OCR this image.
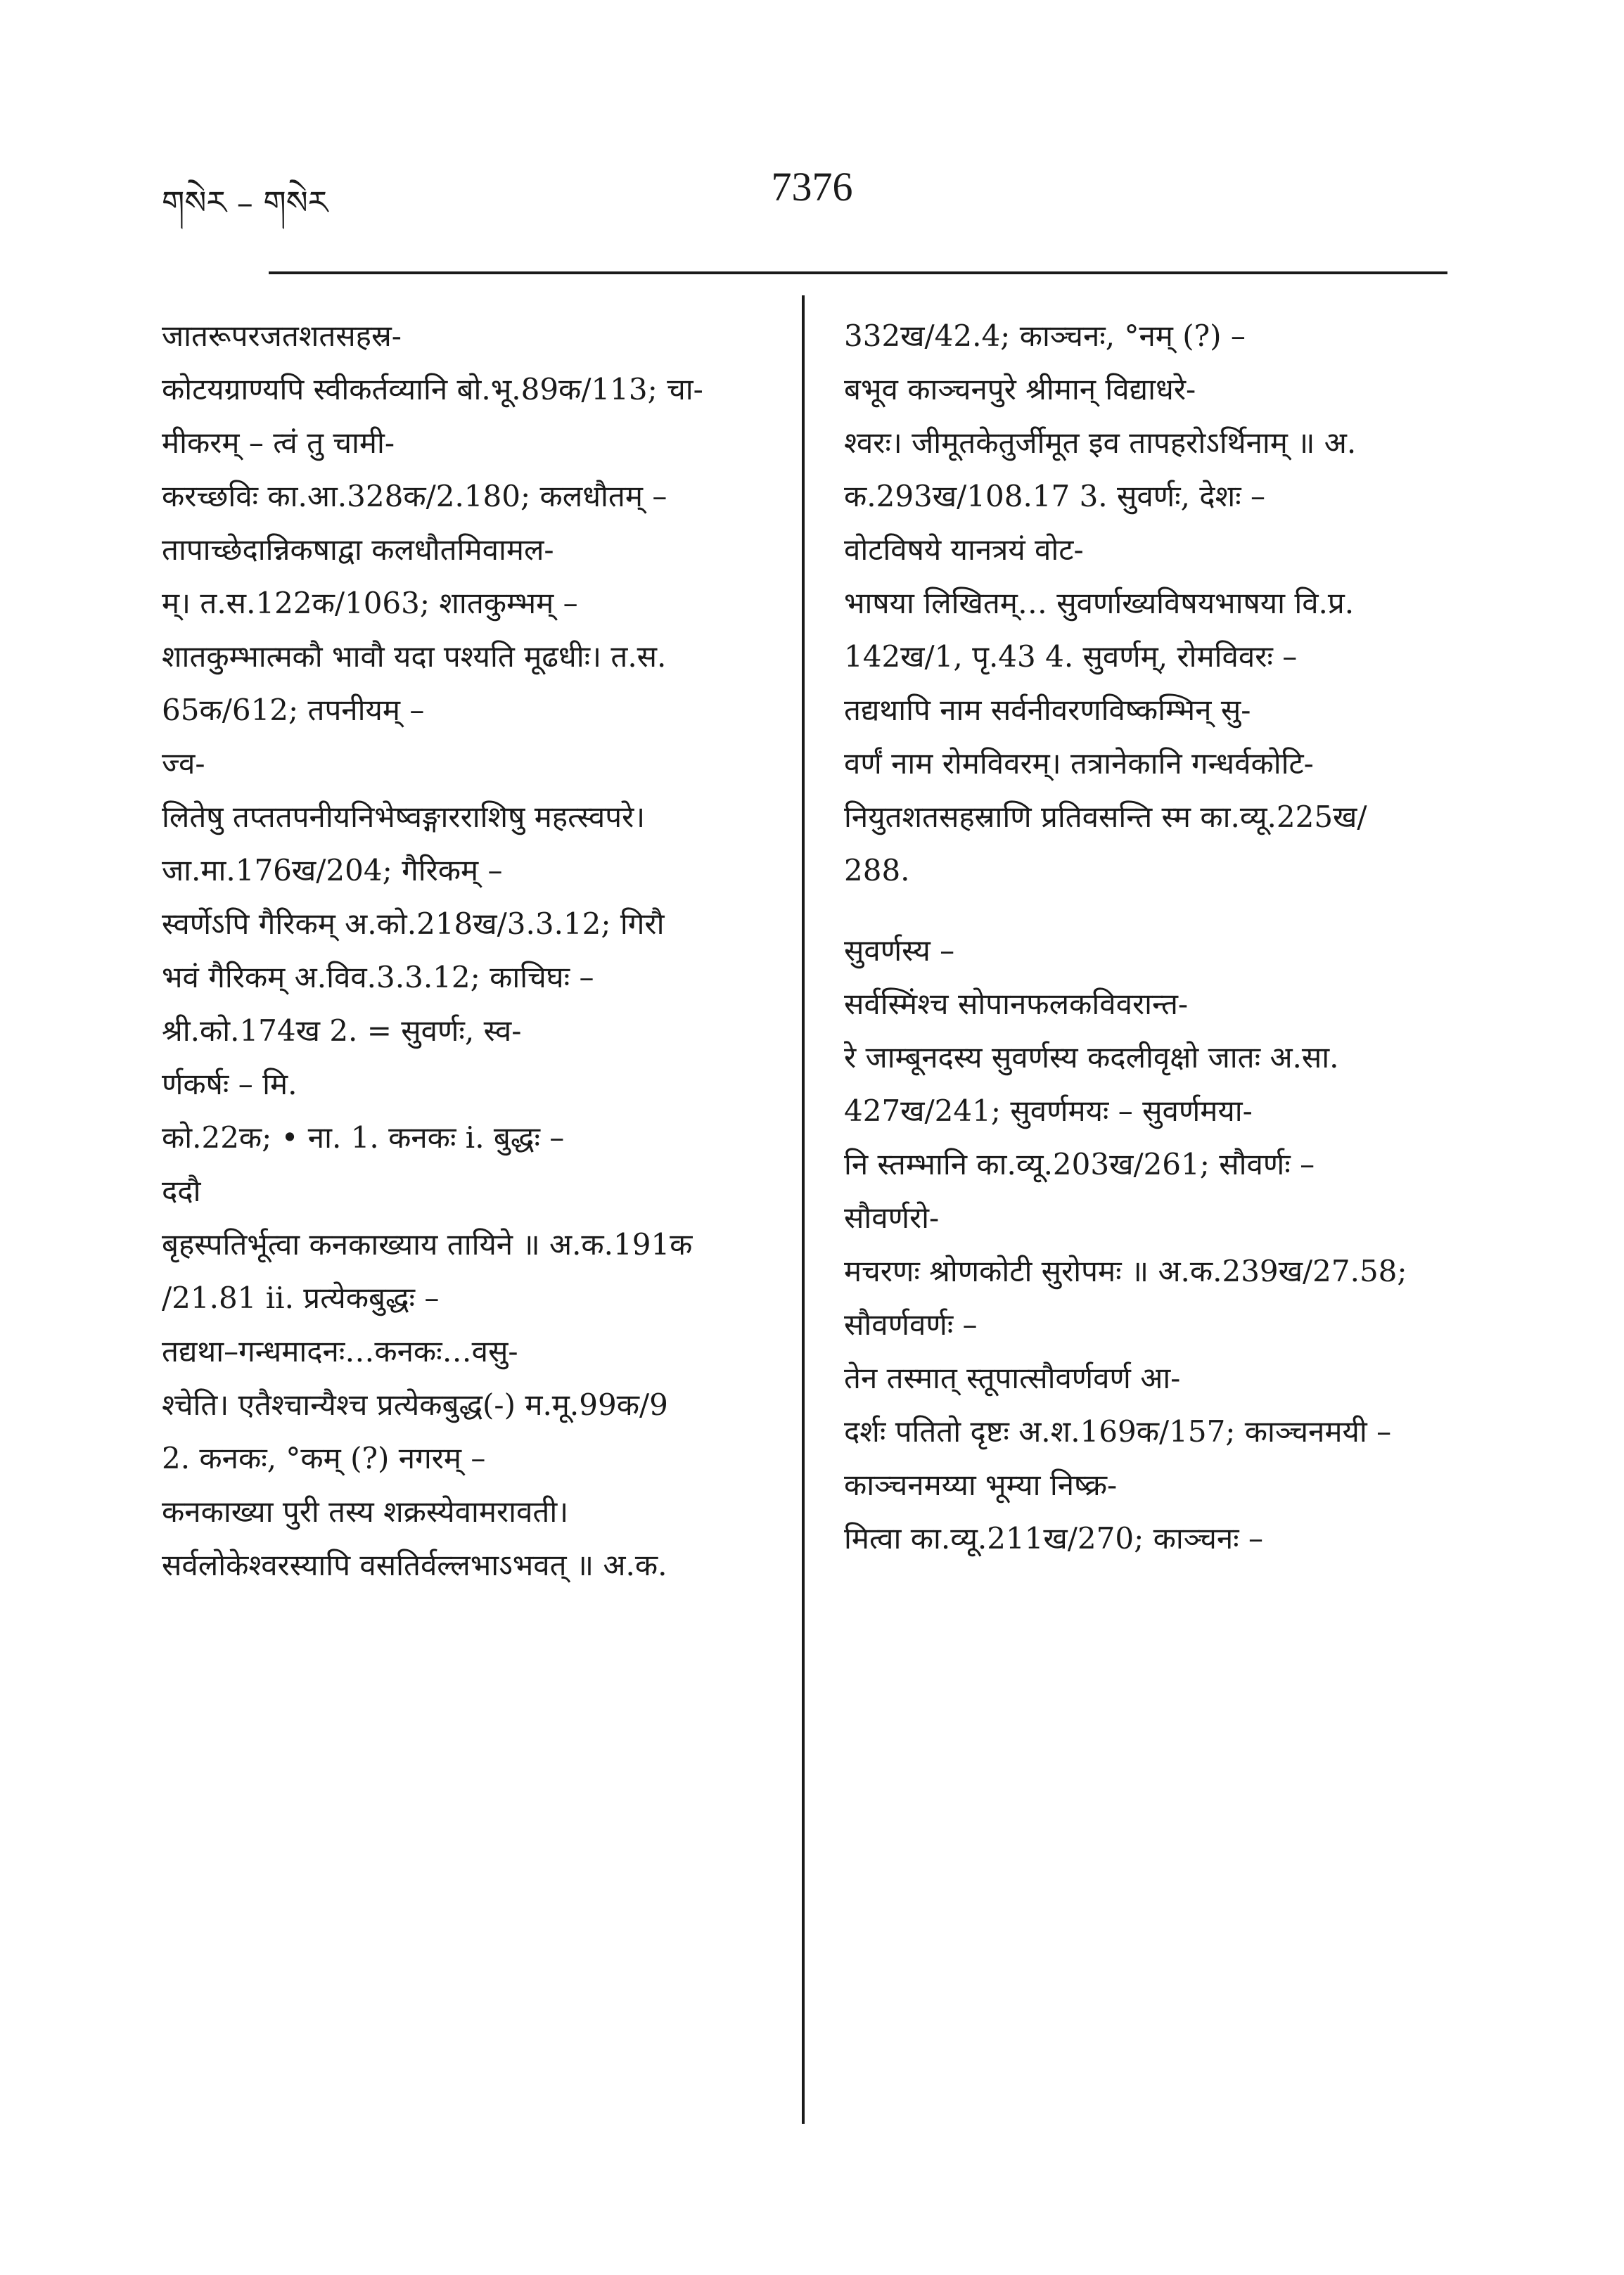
གསེར – གསེར	7376
जातरूपरजतशतसहस्र-
कोटयग्राण्यपि स्वीकर्तव्यानि बो.भू.89क/113; चा-
मीकरम् – त्वं तु चामी-
करच्छविः का.आ.328क/2.180; कलधौतम् –
तापाच्छेदान्निकषाद्वा कलधौतमिवामल-
म्। त.स.122क/1063; शातकुम्भम् –
शातकुम्भात्मकौ भावौ यदा पश्यति मूढधीः। त.स.
65क/612; तपनीयम् –
ज्व-
लितेषु तप्ततपनीयनिभेष्वङ्गारराशिषु महत्स्वपरे।
जा.मा.176ख/204; गैरिकम् –
स्वर्णेऽपि गैरिकम् अ.को.218ख/3.3.12; गिरौ
भवं गैरिकम् अ.विव.3.3.12; काचिघः –
श्री.को.174ख 2. = सुवर्णः, स्व-
र्णकर्षः – मि.
को.22क; • ना. 1. कनकः i. बुद्धः –
ददौ
बृहस्पतिर्भूत्वा कनकाख्याय तायिने ॥ अ.क.191क
/21.81 ii. प्रत्येकबुद्धः –
तद्यथा–गन्धमादनः…कनकः…वसु-
श्चेति। एतैश्चान्यैश्च प्रत्येकबुद्ध(-) म.मू.99क/9
2. कनकः, °कम् (?) नगरम् –
कनकाख्या पुरी तस्य शक्रस्येवामरावती।
सर्वलोकेश्वरस्यापि वसतिर्वल्लभाऽभवत् ॥ अ.क.
332ख/42.4; काञ्चनः, °नम् (?) –
बभूव काञ्चनपुरे श्रीमान् विद्याधरे-
श्वरः। जीमूतकेतुर्जीमूत इव तापहरोऽर्थिनाम् ॥ अ.
क.293ख/108.17 3. सुवर्णः, देशः –
वोटविषये यानत्रयं वोट-
भाषया लिखितम्… सुवर्णाख्यविषयभाषया वि.प्र.
142ख/1, पृ.43 4. सुवर्णम्, रोमविवरः –
तद्यथापि नाम सर्वनीवरणविष्कम्भिन् सु-
वर्णं नाम रोमविवरम्। तत्रानेकानि गन्धर्वकोटि-
नियुतशतसहस्राणि प्रतिवसन्ति स्म का.व्यू.225ख/
288.
सुवर्णस्य –
सर्वस्मिंश्च सोपानफलकविवरान्त-
रे जाम्बूनदस्य सुवर्णस्य कदलीवृक्षो जातः अ.सा.
427ख/241; सुवर्णमयः – सुवर्णमया-
नि स्तम्भानि का.व्यू.203ख/261; सौवर्णः –
सौवर्णरो-
मचरणः श्रोणकोटी सुरोपमः ॥ अ.क.239ख/27.58;
सौवर्णवर्णः –
तेन तस्मात् स्तूपात्सौवर्णवर्ण आ-
दर्शः पतितो दृष्टः अ.श.169क/157; काञ्चनमयी –
काञ्चनमय्या भूम्या निष्क्र-
मित्वा का.व्यू.211ख/270; काञ्चनः –
